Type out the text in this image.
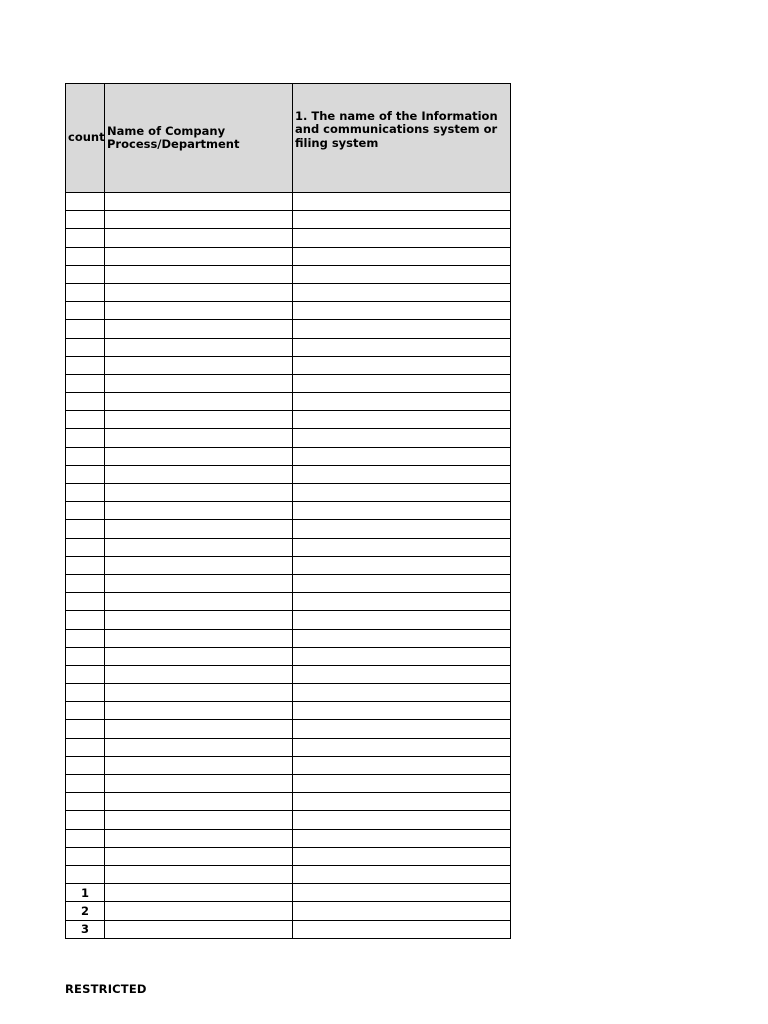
count	Name of Company Process/Department	1. The name of the Information and communications system or filing system

1		
2		
3		
RESTRICTED
